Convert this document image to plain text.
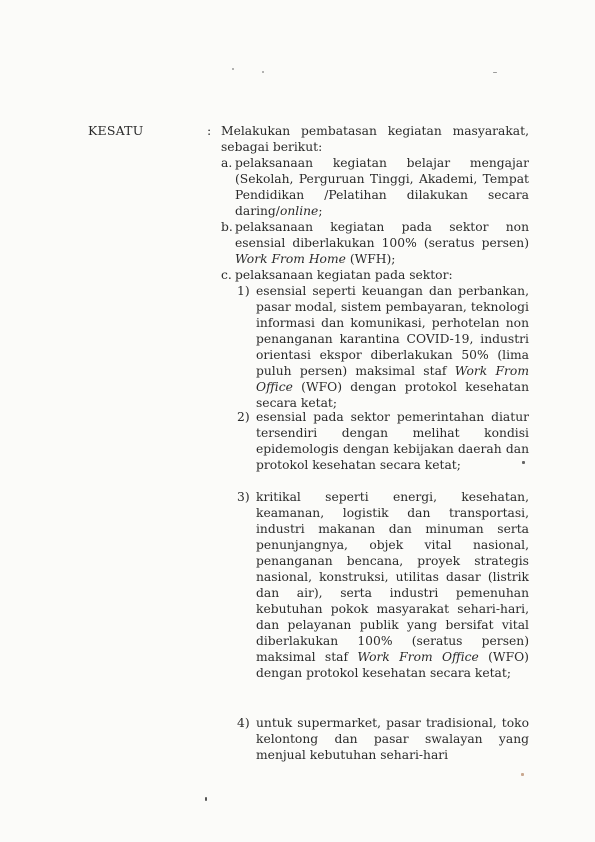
KESATU	: Melakukan pembatasan kegiatan masyarakat, sebagai berikut:
a. pelaksanaan kegiatan belajar mengajar (Sekolah, Perguruan Tinggi, Akademi, Tempat Pendidikan /Pelatihan dilakukan secara daring/online;
b. pelaksanaan kegiatan pada sektor non esensial diberlakukan 100% (seratus persen) Work From Home (WFH);
c. pelaksanaan kegiatan pada sektor:
1) esensial seperti keuangan dan perbankan, pasar modal, sistem pembayaran, teknologi informasi dan komunikasi, perhotelan non penanganan karantina COVID-19, industri orientasi ekspor diberlakukan 50% (lima puluh persen) maksimal staf Work From Office (WFO) dengan protokol kesehatan secara ketat;
2) esensial pada sektor pemerintahan diatur tersendiri dengan melihat kondisi epidemologis dengan kebijakan daerah dan protokol kesehatan secara ketat;
3) kritikal seperti energi, kesehatan, keamanan, logistik dan transportasi, industri makanan dan minuman serta penunjangnya, objek vital nasional, penanganan bencana, proyek strategis nasional, konstruksi, utilitas dasar (listrik dan air), serta industri pemenuhan kebutuhan pokok masyarakat sehari-hari, dan pelayanan publik yang bersifat vital diberlakukan 100% (seratus persen) maksimal staf Work From Office (WFO) dengan protokol kesehatan secara ketat;
4) untuk supermarket, pasar tradisional, toko kelontong dan pasar swalayan yang menjual kebutuhan sehari-hari
